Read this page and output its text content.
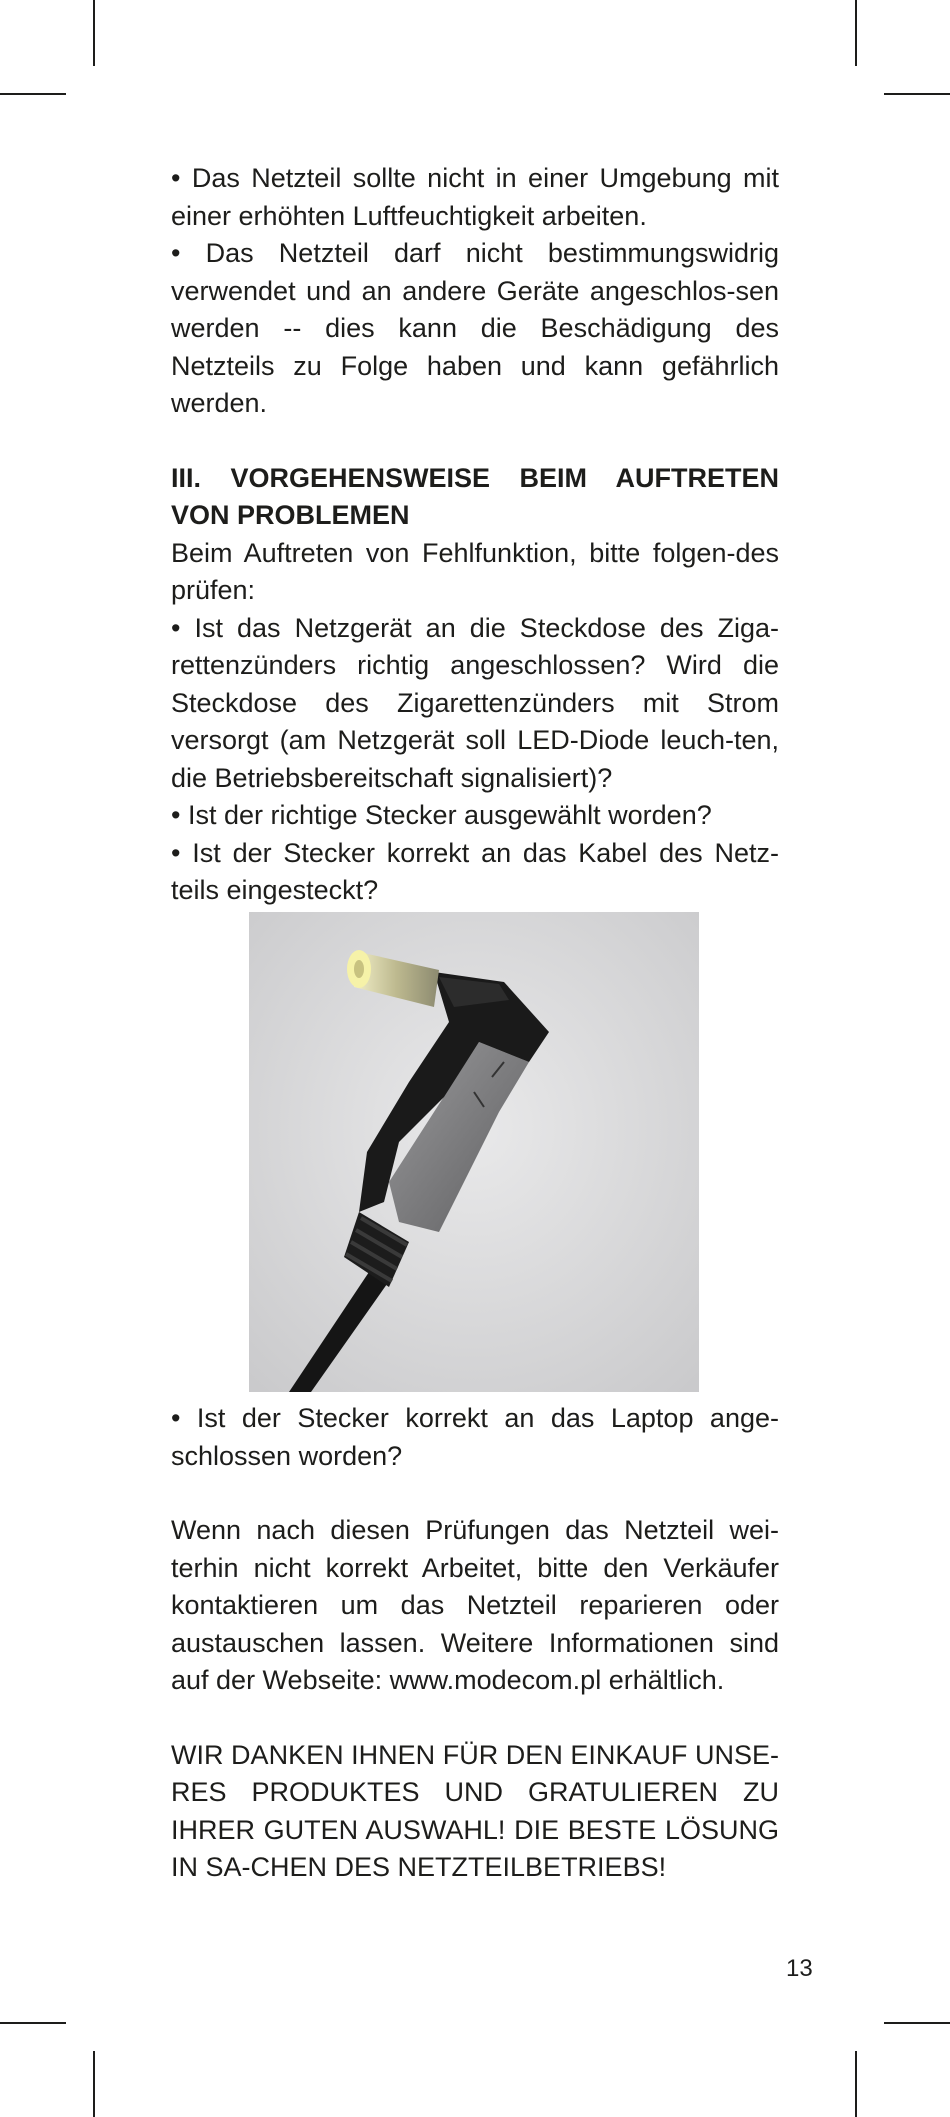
• Das Netzteil sollte nicht in einer Umgebung mit einer erhöhten Luftfeuchtigkeit arbeiten.

• Das Netzteil darf nicht bestimmungswidrig verwendet und an andere Geräte angeschlos-sen werden -- dies kann die Beschädigung des Netzteils zu Folge haben und kann gefährlich werden.

III. VORGEHENSWEISE BEIM AUFTRETEN

VON PROBLEMEN

Beim Auftreten von Fehlfunktion, bitte folgen-des prüfen:

• Ist das Netzgerät an die Steckdose des Ziga-rettenzünders richtig angeschlossen? Wird die Steckdose des Zigarettenzünders mit Strom versorgt (am Netzgerät soll LED-Diode leuch-ten, die Betriebsbereitschaft signalisiert)?

• Ist der richtige Stecker ausgewählt worden?

• Ist der Stecker korrekt an das Kabel des Netz-teils eingesteckt?

• Ist der Stecker korrekt an das Laptop ange-schlossen worden?

Wenn nach diesen Prüfungen das Netzteil wei-terhin nicht korrekt Arbeitet, bitte den Verkäufer kontaktieren um das Netzteil reparieren oder austauschen lassen. Weitere Informationen sind auf der Webseite: www.modecom.pl erhältlich.

WIR DANKEN IHNEN FÜR DEN EINKAUF UNSE-RES PRODUKTES UND GRATULIEREN ZU IHRER GUTEN AUSWAHL! DIE BESTE LÖSUNG IN SA-CHEN DES NETZTEILBETRIEBS!

13
